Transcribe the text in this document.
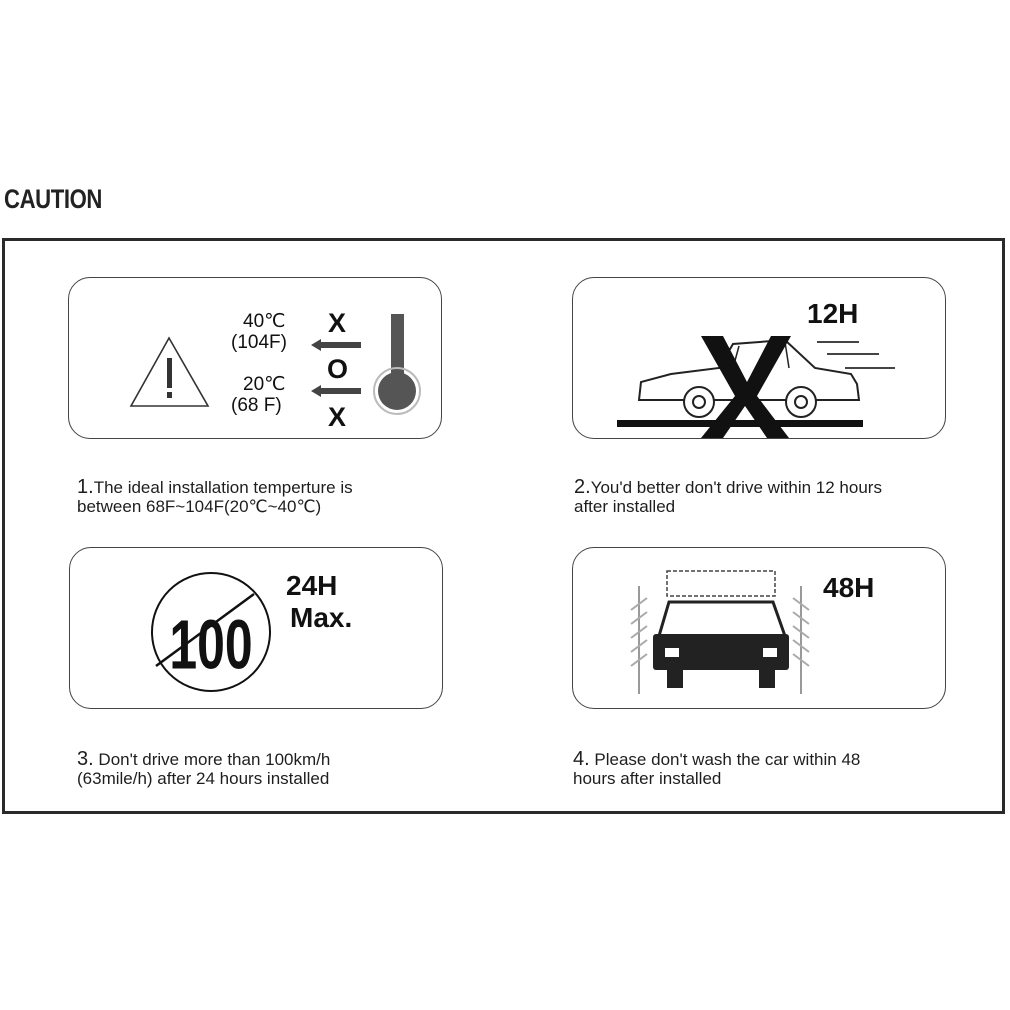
CAUTION
40℃
(104F)
20℃
(68 F)
X
O
X

1.The ideal installation temperture is
between 68F~104F(20℃~40℃)

12H

2.You'd better don't drive within 12 hours
after installed

100
24H
Max.

3. Don't drive more than 100km/h
(63mile/h) after 24 hours installed

48H

4. Please don't wash the car within 48
hours after installed
